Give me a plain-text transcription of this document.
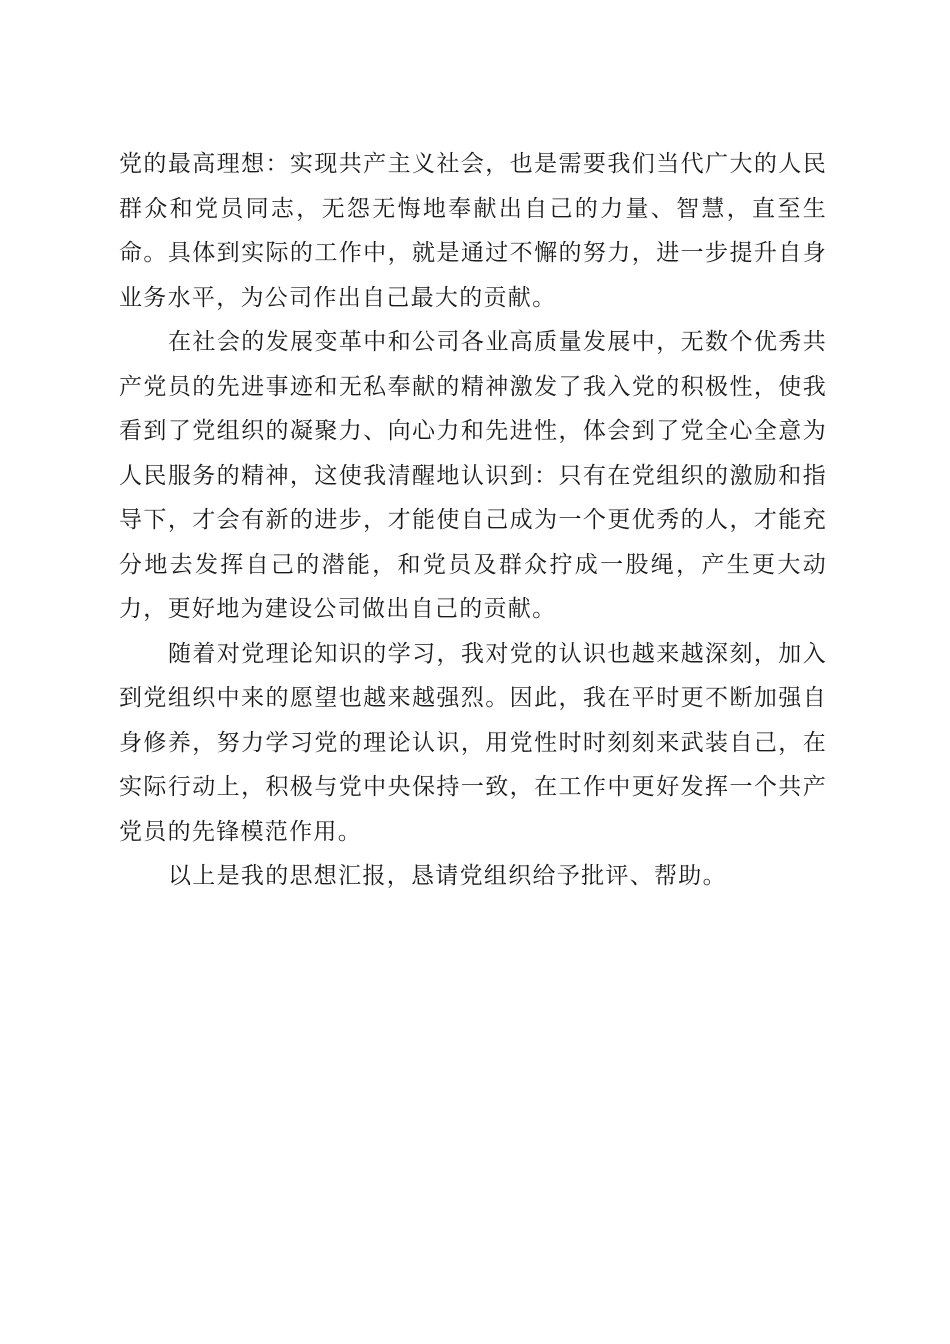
党的最高理想：实现共产主义社会，也是需要我们当代广大的人民群众和党员同志，无怨无悔地奉献出自己的力量、智慧，直至生命。具体到实际的工作中，就是通过不懈的努力，进一步提升自身业务水平，为公司作出自己最大的贡献。

在社会的发展变革中和公司各业高质量发展中，无数个优秀共产党员的先进事迹和无私奉献的精神激发了我入党的积极性，使我看到了党组织的凝聚力、向心力和先进性，体会到了党全心全意为人民服务的精神，这使我清醒地认识到：只有在党组织的激励和指导下，才会有新的进步，才能使自己成为一个更优秀的人，才能充分地去发挥自己的潜能，和党员及群众拧成一股绳，产生更大动力，更好地为建设公司做出自己的贡献。

随着对党理论知识的学习，我对党的认识也越来越深刻，加入到党组织中来的愿望也越来越强烈。因此，我在平时更不断加强自身修养，努力学习党的理论认识，用党性时时刻刻来武装自己，在实际行动上，积极与党中央保持一致，在工作中更好发挥一个共产党员的先锋模范作用。

以上是我的思想汇报，恳请党组织给予批评、帮助。
